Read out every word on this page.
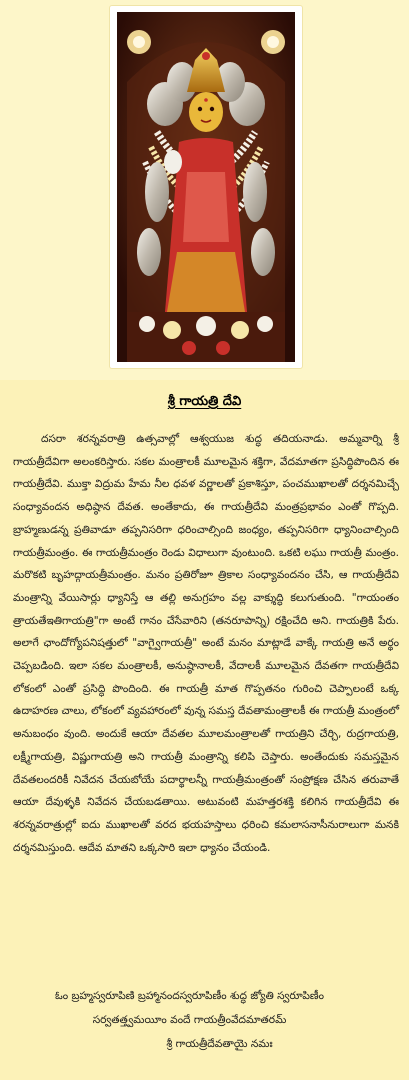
శ్రీ గాయత్రి దేవి

దసరా శరన్నవరాత్రి ఉత్సవాల్లో ఆశ్వయుజ శుద్ధ తదియనాడు. అమ్మవార్ని శ్రీ గాయత్రీదేవిగా అలంకరిస్తారు. సకల మంత్రాలకీ మూలమైన శక్తిగా, వేదమాతగా ప్రసిద్ధిపొందిన ఈ గాయత్రీదేవి. ముక్తా విద్రుమ హేమ నీల ధవళ వర్ణాలతో ప్రకాశిస్తూ, పంచముఖాలతో దర్శనమిచ్చే సంధ్యావందన అధిష్ఠాన దేవత. అంతేకాదు, ఈ గాయత్రీదేవి మంత్రప్రభావం ఎంతో గొప్పది. బ్రాహ్మణుడన్న ప్రతివాడూ తప్పనిసరిగా ధరించాల్సింది జంధ్యం, తప్పనిసరిగా ధ్యానించాల్సింది గాయత్రీమంత్రం. ఈ గాయత్రీమంత్రం రెండు విధాలుగా వుంటుంది. ఒకటి లఘు గాయత్రీ మంత్రం. మరొకటి బృహద్గాయత్రీమంత్రం. మనం ప్రతిరోజూ త్రికాల సంధ్యావందనం చేసి, ఆ గాయత్రీదేవి మంత్రాన్ని వేయిసార్లు ధ్యానిస్తే ఆ తల్లి అనుగ్రహం వల్ల వాక్శుద్ధి కలుగుతుంది. "గాయంతం త్రాయతేఇతిగాయత్రి"గా అంటే గానం చేసేవారిని (తనరూపాన్ని) రక్షించేది అని. గాయత్రికి పేరు. అలాగే ఛాందోగ్యోపనిషత్తులో "వాగ్వైగాయత్రీ" అంటే మనం మాట్లాడే వాక్కే గాయత్రి అనే అర్థం చెప్పబడింది. ఇలా సకల మంత్రాలకీ, అనుష్ఠానాలకీ, వేదాలకీ మూలమైన దేవతగా గాయత్రీదేవి లోకంలో ఎంతో ప్రసిద్ధి పొందింది. ఈ గాయత్రీ మాత గొప్పతనం గురించి చెప్పాలంటే ఒక్క ఉదాహరణ చాలు, లోకంలో వ్యవహారంలో వున్న సమస్త దేవతామంత్రాలకీ ఈ గాయత్రీ మంత్రంలో అనుబంధం వుంది. అందుకే ఆయా దేవతల మూలమంత్రాలతో గాయత్రిని చేర్చి, రుద్రగాయత్రి, లక్ష్మీగాయత్రి, విష్ణుగాయత్రి అని గాయత్రీ మంత్రాన్ని కలిపి చెప్తారు. అంతేందుకు సమస్తమైన దేవతలందరికీ నివేదన చేయబోయే పదార్థాలన్నీ గాయత్రీమంత్రంతో సంప్రోక్షణ చేసిన తరువాతే ఆయా దేవుళ్ళకి నివేదన చేయబడతాయి. అటువంటి మహత్తరశక్తి కలిగిన గాయత్రీదేవి ఈ శరన్నవరాత్రుల్లో ఐదు ముఖాలతో వరద భయహస్తాలు ధరించి కమలాసనాసీనురాలుగా మనకి దర్శనమిస్తుంది. ఆదేవ మాతని ఒక్కసారి ఇలా ధ్యానం చేయండి.

ఓం బ్రహ్మస్వరూపిణి బ్రహ్మానందస్వరూపిణీం శుద్ధ జ్యోతి స్వరూపిణీం
సర్వతత్త్వమయీం వందే గాయత్రీంవేదమాతరమ్
శ్రీ గాయత్రీదేవతాయై నమః
